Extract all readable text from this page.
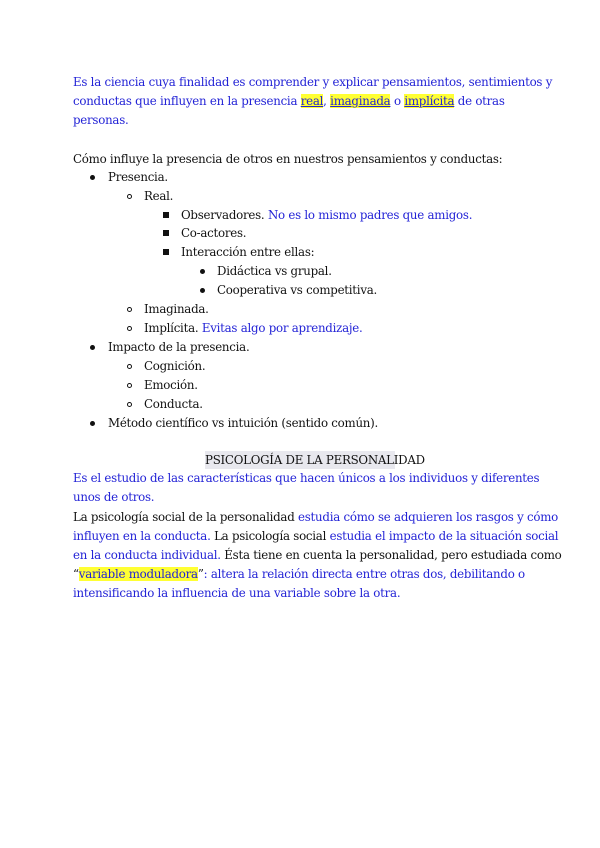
Es la ciencia cuya finalidad es comprender y explicar pensamientos, sentimientos y
conductas que influyen en la presencia real, imaginada o implícita de otras
personas.
Cómo influye la presencia de otros en nuestros pensamientos y conductas:
Presencia.
Real.
Observadores. No es lo mismo padres que amigos.
Co-actores.
Interacción entre ellas:
Didáctica vs grupal.
Cooperativa vs competitiva.
Imaginada.
Implícita. Evitas algo por aprendizaje.
Impacto de la presencia.
Cognición.
Emoción.
Conducta.
Método científico vs intuición (sentido común).
PSICOLOGÍA DE LA PERSONALIDAD
Es el estudio de las características que hacen únicos a los individuos y diferentes
unos de otros.
La psicología social de la personalidad estudia cómo se adquieren los rasgos y cómo
influyen en la conducta. La psicología social estudia el impacto de la situación social
en la conducta individual. Ésta tiene en cuenta la personalidad, pero estudiada como
“variable moduladora”: altera la relación directa entre otras dos, debilitando o
intensificando la influencia de una variable sobre la otra.
